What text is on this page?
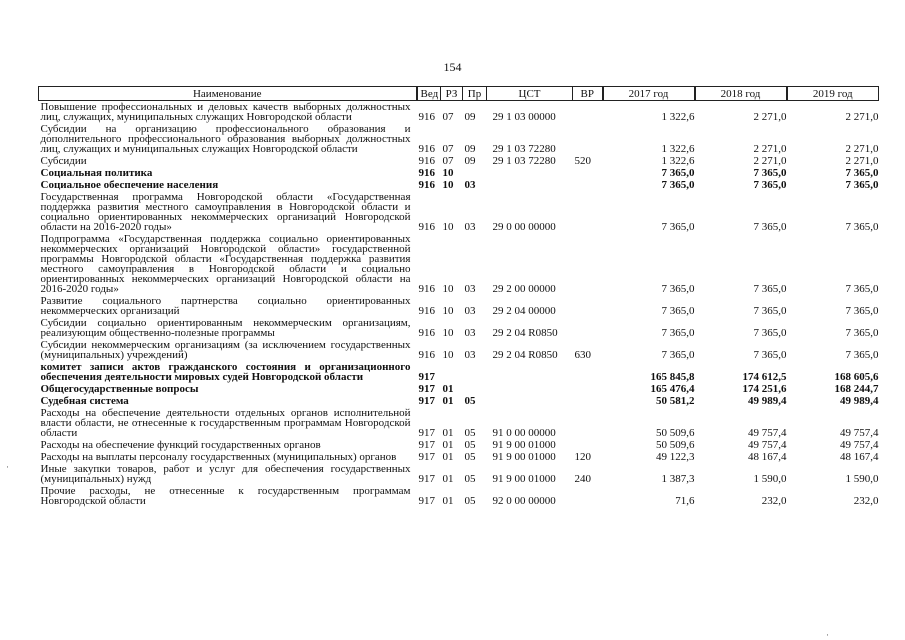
154
Наименование	Вед	РЗ	Пр	ЦСТ	ВР	2017 год	2018 год	2019 год
Повышение профессиональных и деловых качеств выборных должностных лиц, служащих, муниципальных служащих Новгородской области	916	07	09	29 1 03 00000		1 322,6	2 271,0	2 271,0
Субсидии на организацию профессионального образования и дополнительного профессионального образования выборных должностных лиц, служащих и муниципальных служащих Новгородской области	916	07	09	29 1 03 72280		1 322,6	2 271,0	2 271,0
Субсидии	916	07	09	29 1 03 72280	520	1 322,6	2 271,0	2 271,0
Социальная политика	916	10				7 365,0	7 365,0	7 365,0
Социальное обеспечение населения	916	10	03			7 365,0	7 365,0	7 365,0
Государственная программа Новгородской области «Государственная поддержка развития местного самоуправления в Новгородской области и социально ориентированных некоммерческих организаций Новгородской области на 2016-2020 годы»	916	10	03	29 0 00 00000		7 365,0	7 365,0	7 365,0
Подпрограмма «Государственная поддержка социально ориентированных некоммерческих организаций Новгородской области» государственной программы Новгородской области «Государственная поддержка развития местного самоуправления в Новгородской области и социально ориентированных некоммерческих организаций Новгородской области на 2016-2020 годы»	916	10	03	29 2 00 00000		7 365,0	7 365,0	7 365,0
Развитие социального партнерства социально ориентированных некоммерческих организаций	916	10	03	29 2 04 00000		7 365,0	7 365,0	7 365,0
Субсидии социально ориентированным некоммерческим организациям, реализующим общественно-полезные программы	916	10	03	29 2 04 R0850		7 365,0	7 365,0	7 365,0
Субсидии некоммерческим организациям (за исключением государственных (муниципальных) учреждений)	916	10	03	29 2 04 R0850	630	7 365,0	7 365,0	7 365,0
комитет записи актов гражданского состояния и организационного обеспечения деятельности мировых судей Новгородской области	917					165 845,8	174 612,5	168 605,6
Общегосударственные вопросы	917	01				165 476,4	174 251,6	168 244,7
Судебная система	917	01	05			50 581,2	49 989,4	49 989,4
Расходы на обеспечение деятельности отдельных органов исполнительной власти области, не отнесенные к государственным программам Новгородской области	917	01	05	91 0 00 00000		50 509,6	49 757,4	49 757,4
Расходы на обеспечение функций государственных органов	917	01	05	91 9 00 01000		50 509,6	49 757,4	49 757,4
Расходы на выплаты персоналу государственных (муниципальных) органов	917	01	05	91 9 00 01000	120	49 122,3	48 167,4	48 167,4
Иные закупки товаров, работ и услуг для обеспечения государственных (муниципальных) нужд	917	01	05	91 9 00 01000	240	1 387,3	1 590,0	1 590,0
Прочие расходы, не отнесенные к государственным программам Новгородской области	917	01	05	92 0 00 00000		71,6	232,0	232,0
·
·
